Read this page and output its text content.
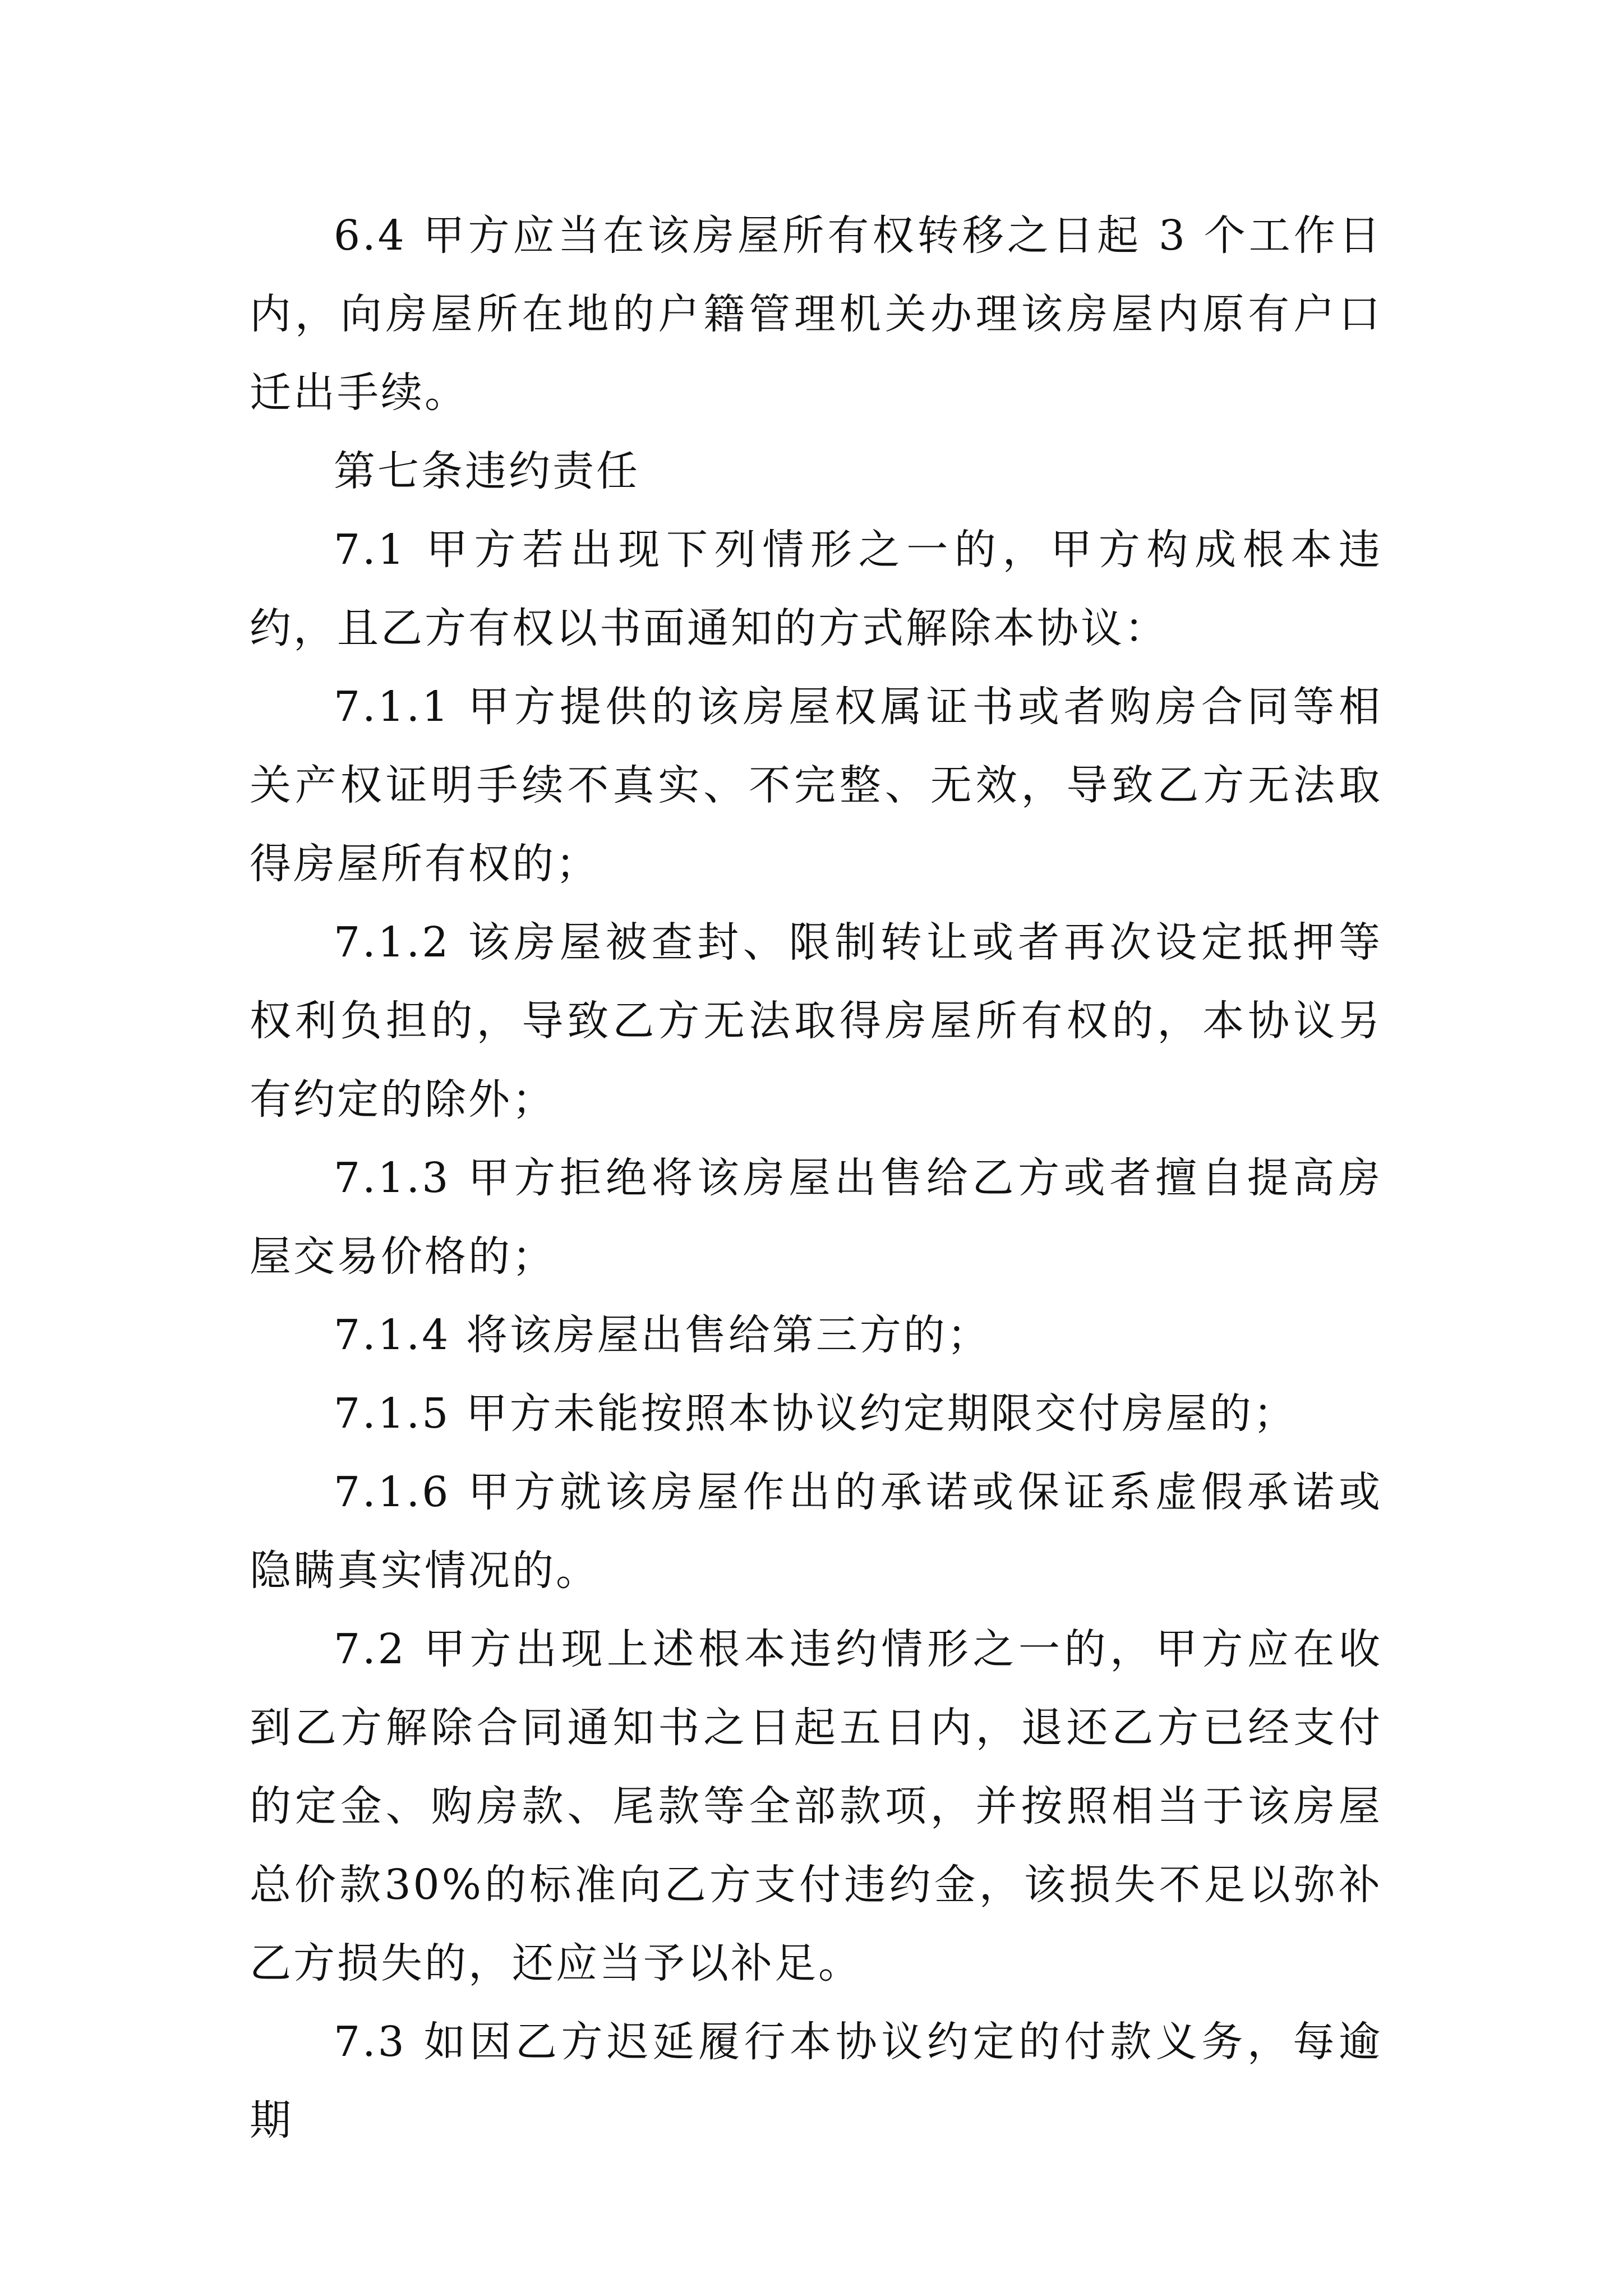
6.4 甲方应当在该房屋所有权转移之日起 3 个工作日内，向房屋所在地的户籍管理机关办理该房屋内原有户口迁出手续。

第七条违约责任

7.1 甲方若出现下列情形之一的，甲方构成根本违约，且乙方有权以书面通知的方式解除本协议：

7.1.1 甲方提供的该房屋权属证书或者购房合同等相关产权证明手续不真实、不完整、无效，导致乙方无法取得房屋所有权的；

7.1.2 该房屋被查封、限制转让或者再次设定抵押等权利负担的，导致乙方无法取得房屋所有权的，本协议另有约定的除外；

7.1.3 甲方拒绝将该房屋出售给乙方或者擅自提高房屋交易价格的；

7.1.4 将该房屋出售给第三方的；

7.1.5 甲方未能按照本协议约定期限交付房屋的；

7.1.6 甲方就该房屋作出的承诺或保证系虚假承诺或隐瞒真实情况的。

7.2 甲方出现上述根本违约情形之一的，甲方应在收到乙方解除合同通知书之日起五日内，退还乙方已经支付的定金、购房款、尾款等全部款项，并按照相当于该房屋总价款30%的标准向乙方支付违约金，该损失不足以弥补乙方损失的，还应当予以补足。

7.3 如因乙方迟延履行本协议约定的付款义务，每逾期
